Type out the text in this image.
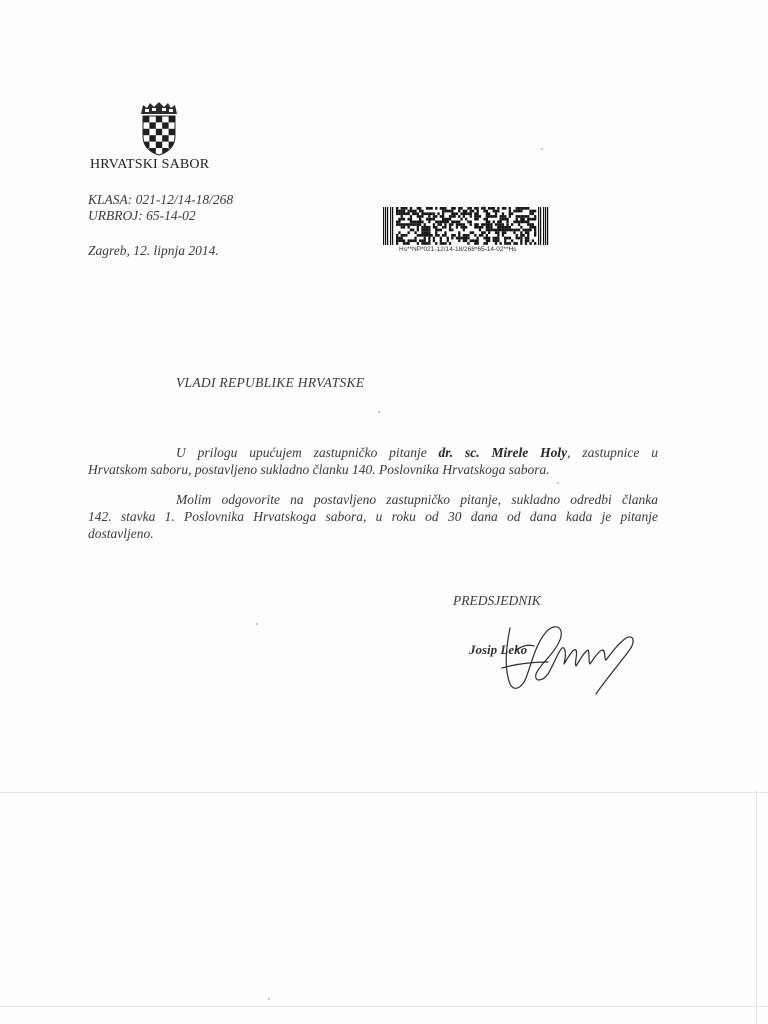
HRVATSKI SABOR
KLASA: 021-12/14-18/268
URBROJ: 65-14-02
Zagreb, 12. lipnja 2014.	Hs**NP*021-12/14-18/268*65-14-02**Hs
VLADI REPUBLIKE HRVATSKE
U prilogu upućujem zastupničko pitanje dr. sc. Mirele Holy, zastupnice u
Hrvatskom saboru, postavljeno sukladno članku 140. Poslovnika Hrvatskoga sabora.
Molim odgovorite na postavljeno zastupničko pitanje, sukladno odredbi članka
142. stavka 1. Poslovnika Hrvatskoga sabora, u roku od 30 dana od dana kada je pitanje
dostavljeno.
PREDSJEDNIK
Josip Leko
